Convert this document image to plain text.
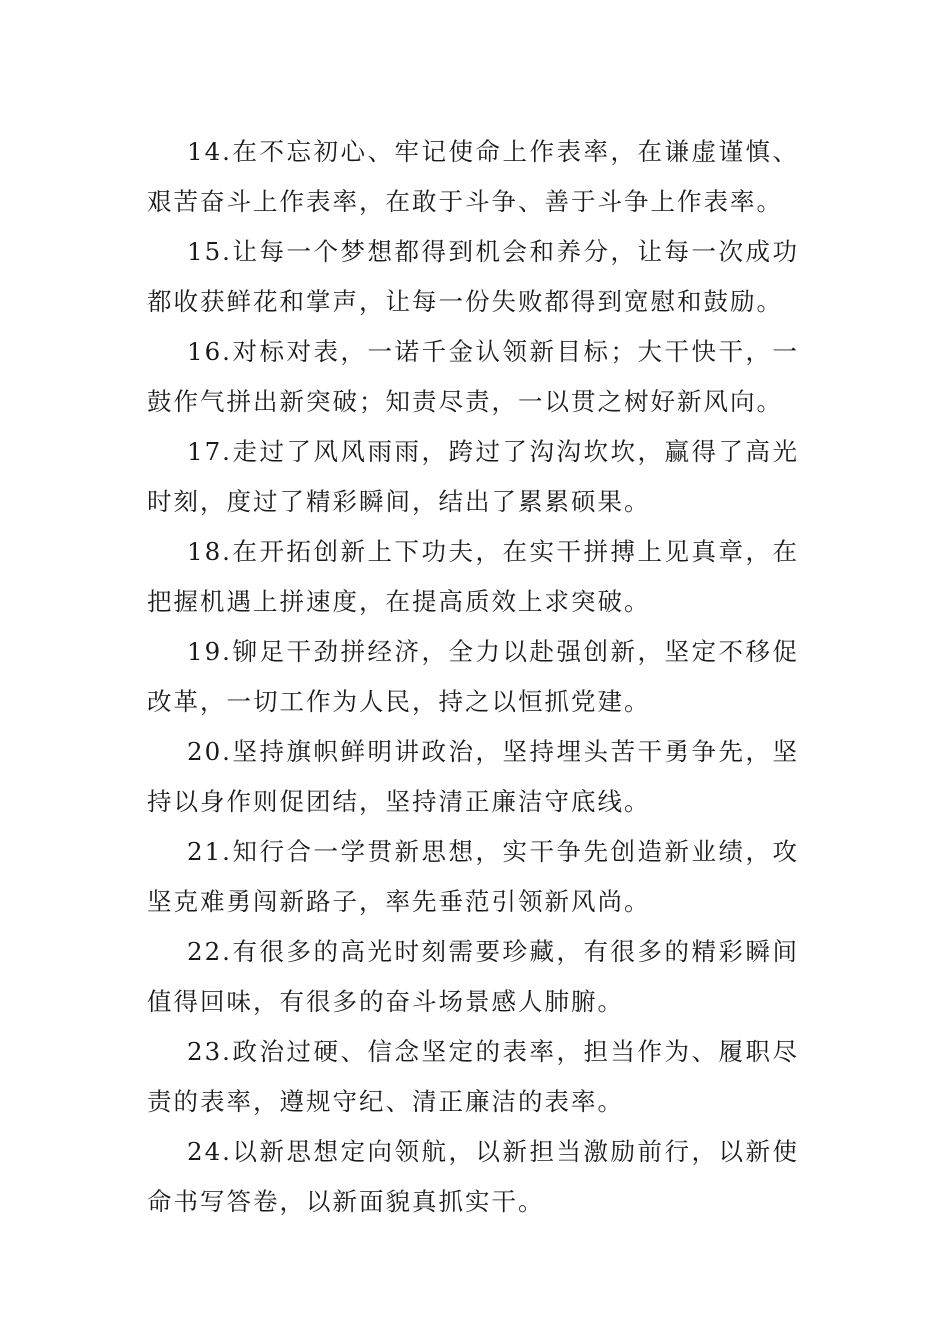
14.在不忘初心、牢记使命上作表率，在谦虚谨慎、艰苦奋斗上作表率，在敢于斗争、善于斗争上作表率。

15.让每一个梦想都得到机会和养分，让每一次成功都收获鲜花和掌声，让每一份失败都得到宽慰和鼓励。

16.对标对表，一诺千金认领新目标；大干快干，一鼓作气拼出新突破；知责尽责，一以贯之树好新风向。

17.走过了风风雨雨，跨过了沟沟坎坎，赢得了高光时刻，度过了精彩瞬间，结出了累累硕果。

18.在开拓创新上下功夫，在实干拼搏上见真章，在把握机遇上拼速度，在提高质效上求突破。

19.铆足干劲拼经济，全力以赴强创新，坚定不移促改革，一切工作为人民，持之以恒抓党建。

20.坚持旗帜鲜明讲政治，坚持埋头苦干勇争先，坚持以身作则促团结，坚持清正廉洁守底线。

21.知行合一学贯新思想，实干争先创造新业绩，攻坚克难勇闯新路子，率先垂范引领新风尚。

22.有很多的高光时刻需要珍藏，有很多的精彩瞬间值得回味，有很多的奋斗场景感人肺腑。

23.政治过硬、信念坚定的表率，担当作为、履职尽责的表率，遵规守纪、清正廉洁的表率。

24.以新思想定向领航，以新担当激励前行，以新使命书写答卷，以新面貌真抓实干。
